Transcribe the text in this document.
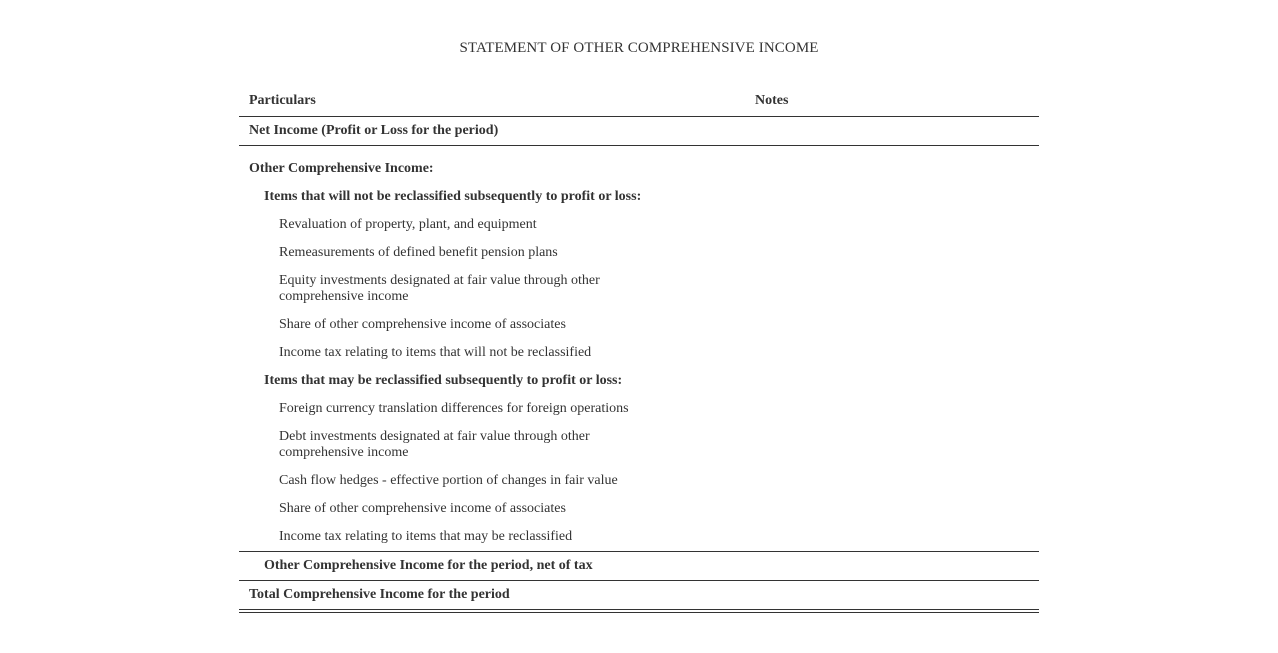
STATEMENT OF OTHER COMPREHENSIVE INCOME
Particulars	Notes
Net Income (Profit or Loss for the period)
Other Comprehensive Income:
Items that will not be reclassified subsequently to profit or loss:
Revaluation of property, plant, and equipment
Remeasurements of defined benefit pension plans
Equity investments designated at fair value through other comprehensive income
Share of other comprehensive income of associates
Income tax relating to items that will not be reclassified
Items that may be reclassified subsequently to profit or loss:
Foreign currency translation differences for foreign operations
Debt investments designated at fair value through other comprehensive income
Cash flow hedges - effective portion of changes in fair value
Share of other comprehensive income of associates
Income tax relating to items that may be reclassified
Other Comprehensive Income for the period, net of tax
Total Comprehensive Income for the period
